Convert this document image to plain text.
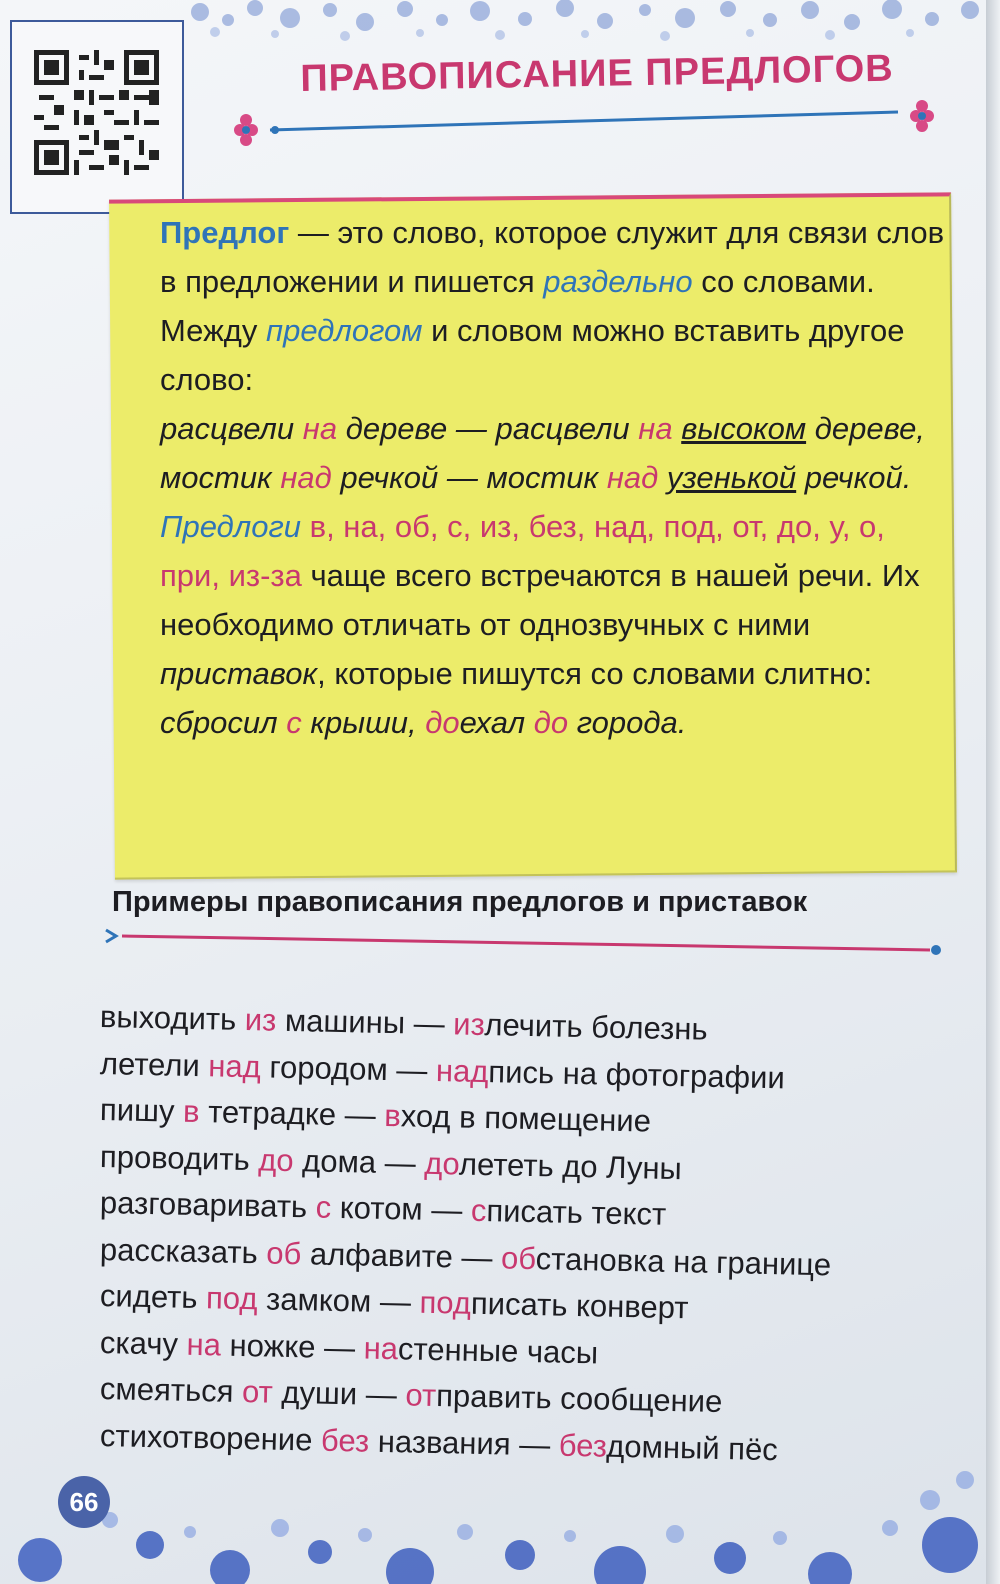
ПРАВОПИСАНИЕ ПРЕДЛОГОВ

Предлог — это слово, которое служит для связи слов в предложении и пишется раздельно со словами.

Между предлогом и словом можно вставить другое слово:

расцвели на дереве — расцвели на высоком дереве, мостик над речкой — мостик над узенькой речкой.

Предлоги в, на, об, с, из, без, над, под, от, до, у, о, при, из-за чаще всего встречаются в нашей речи. Их необходимо отличать от однозвучных с ними приставок, которые пишутся со словами слитно:

сбросил с крыши, доехал до города.

Примеры правописания предлогов и приставок
выходить из машины — излечить болезнь
летели над городом — надпись на фотографии
пишу в тетрадке — вход в помещение
проводить до дома — долететь до Луны
разговаривать с котом — списать текст
рассказать об алфавите — обстановка на границе
сидеть под замком — подписать конверт
скачу на ножке — настенные часы
смеяться от души — отправить сообщение
стихотворение без названия — бездомный пёс
66
